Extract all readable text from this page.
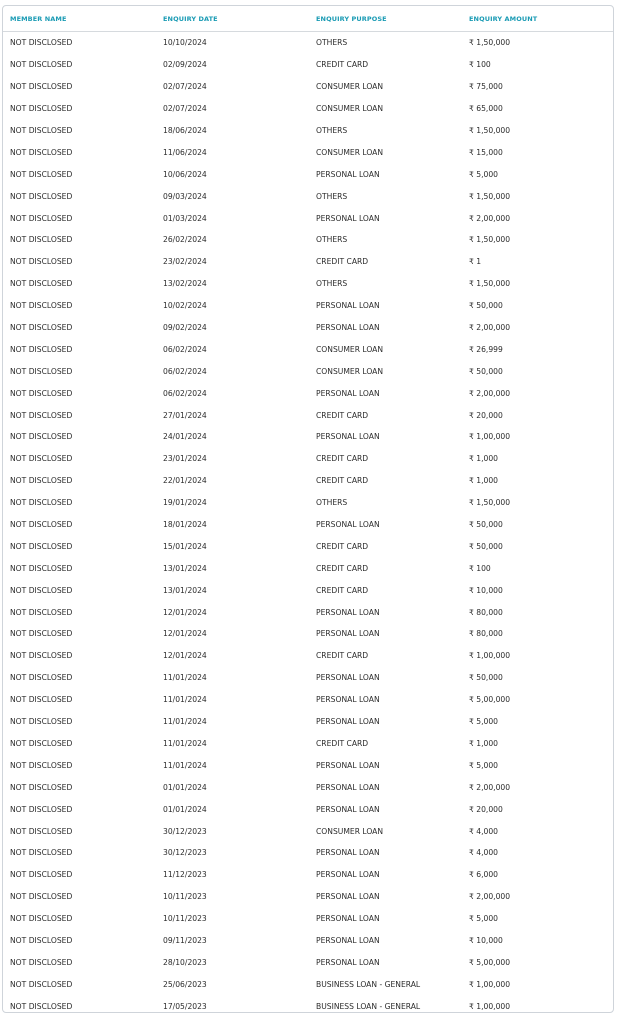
MEMBER NAME	ENQUIRY DATE	ENQUIRY PURPOSE	ENQUIRY AMOUNT
NOT DISCLOSED	10/10/2024	OTHERS	₹ 1,50,000
NOT DISCLOSED	02/09/2024	CREDIT CARD	₹ 100
NOT DISCLOSED	02/07/2024	CONSUMER LOAN	₹ 75,000
NOT DISCLOSED	02/07/2024	CONSUMER LOAN	₹ 65,000
NOT DISCLOSED	18/06/2024	OTHERS	₹ 1,50,000
NOT DISCLOSED	11/06/2024	CONSUMER LOAN	₹ 15,000
NOT DISCLOSED	10/06/2024	PERSONAL LOAN	₹ 5,000
NOT DISCLOSED	09/03/2024	OTHERS	₹ 1,50,000
NOT DISCLOSED	01/03/2024	PERSONAL LOAN	₹ 2,00,000
NOT DISCLOSED	26/02/2024	OTHERS	₹ 1,50,000
NOT DISCLOSED	23/02/2024	CREDIT CARD	₹ 1
NOT DISCLOSED	13/02/2024	OTHERS	₹ 1,50,000
NOT DISCLOSED	10/02/2024	PERSONAL LOAN	₹ 50,000
NOT DISCLOSED	09/02/2024	PERSONAL LOAN	₹ 2,00,000
NOT DISCLOSED	06/02/2024	CONSUMER LOAN	₹ 26,999
NOT DISCLOSED	06/02/2024	CONSUMER LOAN	₹ 50,000
NOT DISCLOSED	06/02/2024	PERSONAL LOAN	₹ 2,00,000
NOT DISCLOSED	27/01/2024	CREDIT CARD	₹ 20,000
NOT DISCLOSED	24/01/2024	PERSONAL LOAN	₹ 1,00,000
NOT DISCLOSED	23/01/2024	CREDIT CARD	₹ 1,000
NOT DISCLOSED	22/01/2024	CREDIT CARD	₹ 1,000
NOT DISCLOSED	19/01/2024	OTHERS	₹ 1,50,000
NOT DISCLOSED	18/01/2024	PERSONAL LOAN	₹ 50,000
NOT DISCLOSED	15/01/2024	CREDIT CARD	₹ 50,000
NOT DISCLOSED	13/01/2024	CREDIT CARD	₹ 100
NOT DISCLOSED	13/01/2024	CREDIT CARD	₹ 10,000
NOT DISCLOSED	12/01/2024	PERSONAL LOAN	₹ 80,000
NOT DISCLOSED	12/01/2024	PERSONAL LOAN	₹ 80,000
NOT DISCLOSED	12/01/2024	CREDIT CARD	₹ 1,00,000
NOT DISCLOSED	11/01/2024	PERSONAL LOAN	₹ 50,000
NOT DISCLOSED	11/01/2024	PERSONAL LOAN	₹ 5,00,000
NOT DISCLOSED	11/01/2024	PERSONAL LOAN	₹ 5,000
NOT DISCLOSED	11/01/2024	CREDIT CARD	₹ 1,000
NOT DISCLOSED	11/01/2024	PERSONAL LOAN	₹ 5,000
NOT DISCLOSED	01/01/2024	PERSONAL LOAN	₹ 2,00,000
NOT DISCLOSED	01/01/2024	PERSONAL LOAN	₹ 20,000
NOT DISCLOSED	30/12/2023	CONSUMER LOAN	₹ 4,000
NOT DISCLOSED	30/12/2023	PERSONAL LOAN	₹ 4,000
NOT DISCLOSED	11/12/2023	PERSONAL LOAN	₹ 6,000
NOT DISCLOSED	10/11/2023	PERSONAL LOAN	₹ 2,00,000
NOT DISCLOSED	10/11/2023	PERSONAL LOAN	₹ 5,000
NOT DISCLOSED	09/11/2023	PERSONAL LOAN	₹ 10,000
NOT DISCLOSED	28/10/2023	PERSONAL LOAN	₹ 5,00,000
NOT DISCLOSED	25/06/2023	BUSINESS LOAN - GENERAL	₹ 1,00,000
NOT DISCLOSED	17/05/2023	BUSINESS LOAN - GENERAL	₹ 1,00,000
